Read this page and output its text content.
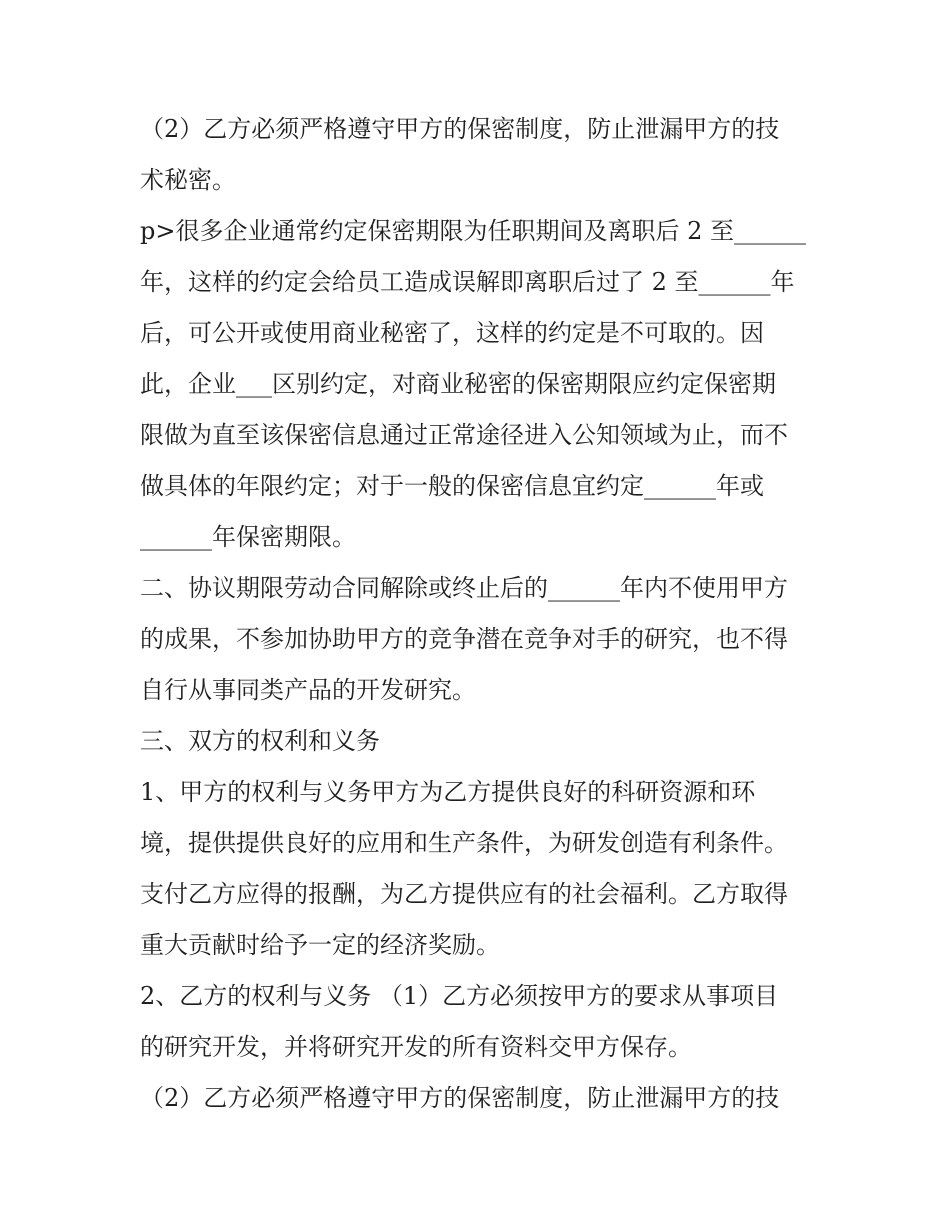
（2）乙方必须严格遵守甲方的保密制度，防止泄漏甲方的技

术秘密。

p>很多企业通常约定保密期限为任职期间及离职后 2 至______

年，这样的约定会给员工造成误解即离职后过了 2 至______年

后，可公开或使用商业秘密了，这样的约定是不可取的。因

此，企业___区别约定，对商业秘密的保密期限应约定保密期

限做为直至该保密信息通过正常途径进入公知领域为止，而不

做具体的年限约定；对于一般的保密信息宜约定______年或

______年保密期限。

二、协议期限劳动合同解除或终止后的______年内不使用甲方

的成果，不参加协助甲方的竞争潜在竞争对手的研究，也不得

自行从事同类产品的开发研究。

三、双方的权利和义务

1、甲方的权利与义务甲方为乙方提供良好的科研资源和环

境，提供提供良好的应用和生产条件，为研发创造有利条件。

支付乙方应得的报酬，为乙方提供应有的社会福利。乙方取得

重大贡献时给予一定的经济奖励。

2、乙方的权利与义务 （1）乙方必须按甲方的要求从事项目

的研究开发，并将研究开发的所有资料交甲方保存。

（2）乙方必须严格遵守甲方的保密制度，防止泄漏甲方的技
